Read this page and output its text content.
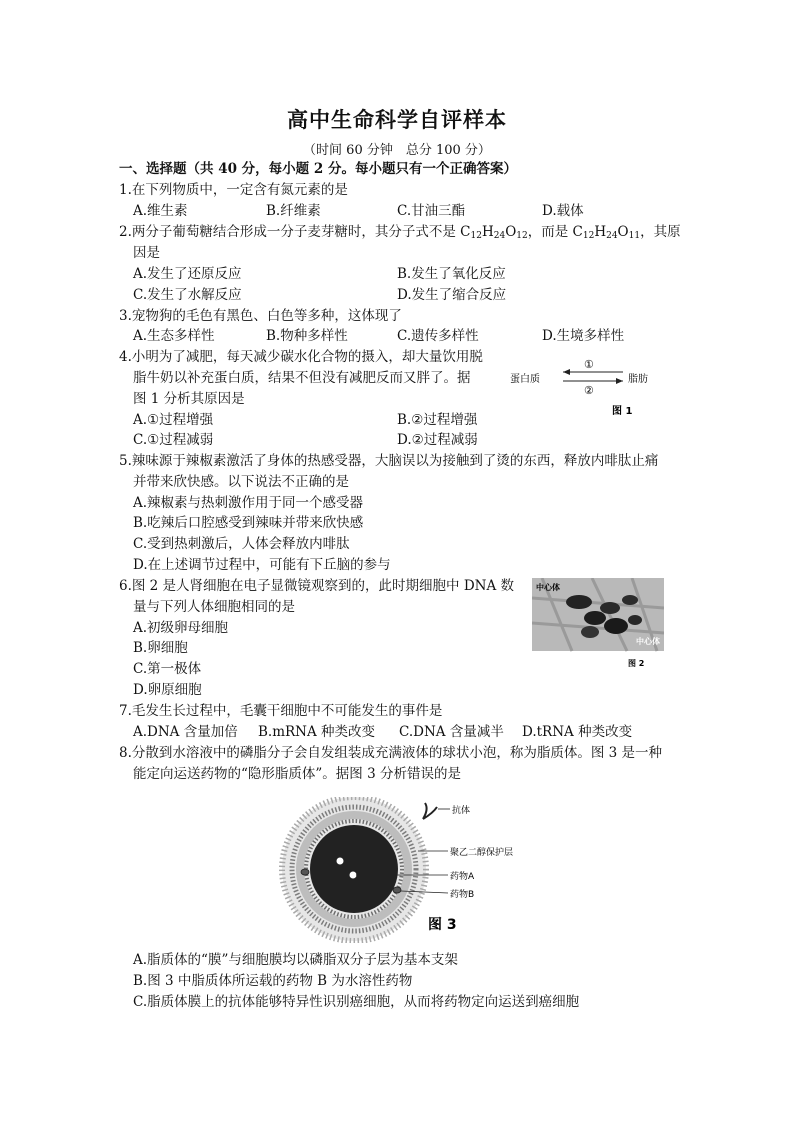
高中生命科学自评样本
（时间 60 分钟　总分 100 分）
一、选择题（共 40 分，每小题 2 分。每小题只有一个正确答案）
1.在下列物质中，一定含有氮元素的是
A.维生素	B.纤维素	C.甘油三酯	D.载体
2.两分子葡萄糖结合形成一分子麦芽糖时，其分子式不是 $C_{12}H_{24}O_{12}$，而是 $C_{12}H_{24}O_{11}$，其原
因是
A.发生了还原反应	B.发生了氧化反应
C.发生了水解反应	D.发生了缩合反应
3.宠物狗的毛色有黑色、白色等多种，这体现了
A.生态多样性	B.物种多样性	C.遗传多样性	D.生境多样性
4.小明为了减肥，每天减少碳水化合物的摄入，却大量饮用脱
脂牛奶以补充蛋白质，结果不但没有减肥反而又胖了。据
图 1 分析其原因是
A.①过程增强	B.②过程增强
C.①过程减弱	D.②过程减弱
蛋白质	脂肪
①
②
图 1
5.辣味源于辣椒素激活了身体的热感受器，大脑误以为接触到了烫的东西，释放内啡肽止痛
并带来欣快感。以下说法不正确的是
A.辣椒素与热刺激作用于同一个感受器
B.吃辣后口腔感受到辣味并带来欣快感
C.受到热刺激后，人体会释放内啡肽
D.在上述调节过程中，可能有下丘脑的参与
6.图 2 是人肾细胞在电子显微镜观察到的，此时期细胞中 DNA 数
量与下列人体细胞相同的是
A.初级卵母细胞
B.卵细胞
C.第一极体
D.卵原细胞
中心体
中心体
图 2
7.毛发生长过程中，毛囊干细胞中不可能发生的事件是
A.DNA 含量加倍 B.mRNA 种类改变 C.DNA 含量减半 D.tRNA 种类改变
8.分散到水溶液中的磷脂分子会自发组装成充满液体的球状小泡，称为脂质体。图 3 是一种
能定向运送药物的“隐形脂质体”。据图 3 分析错误的是
抗体
聚乙二醇保护层
药物A
药物B
图 3
A.脂质体的“膜”与细胞膜均以磷脂双分子层为基本支架
B.图 3 中脂质体所运载的药物 B 为水溶性药物
C.脂质体膜上的抗体能够特异性识别癌细胞，从而将药物定向运送到癌细胞
